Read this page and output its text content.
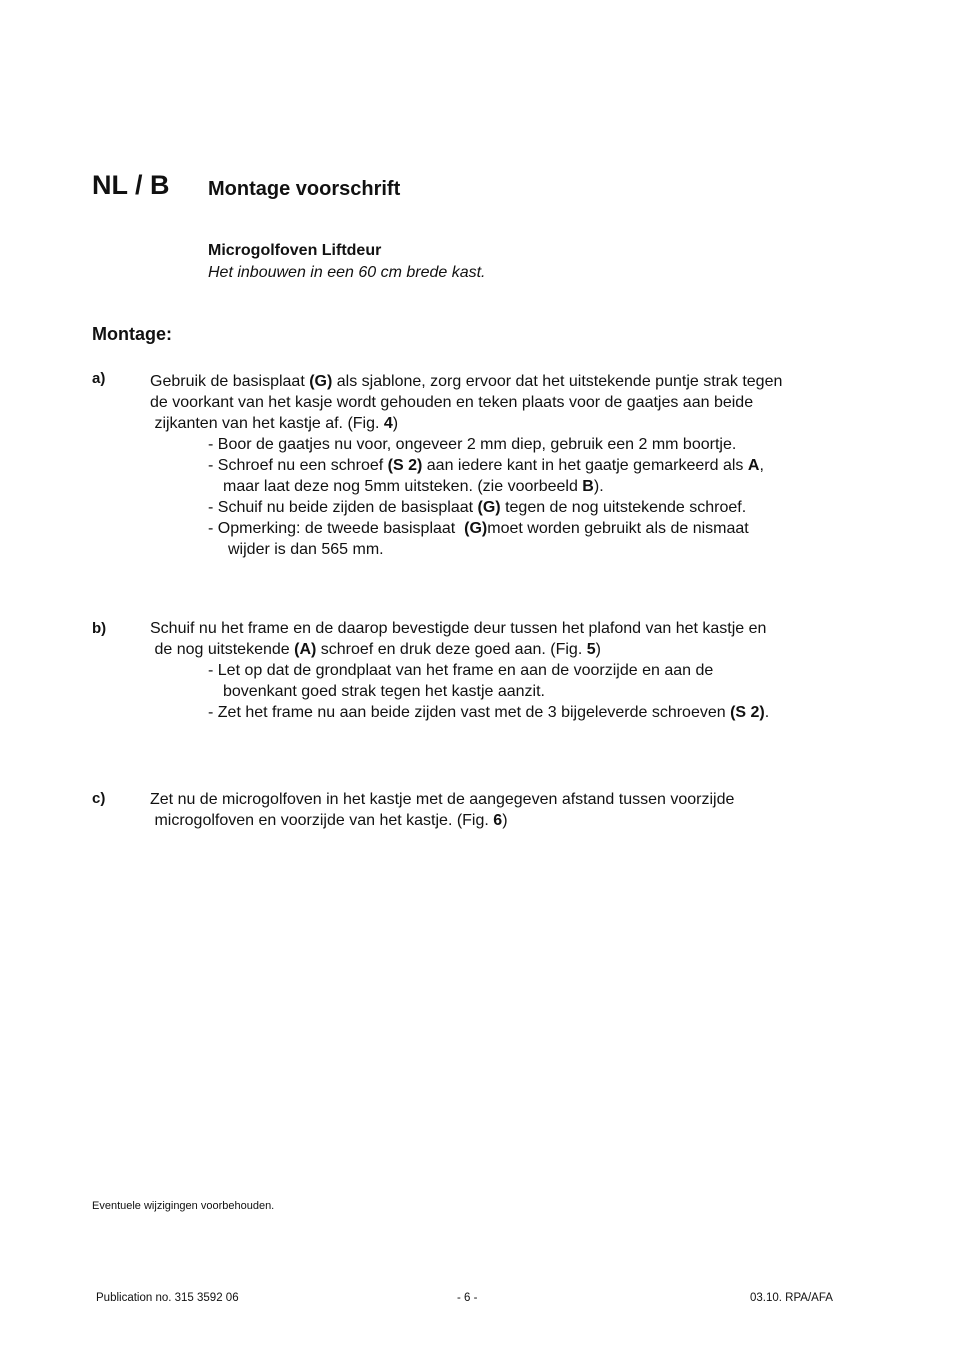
NL / B Montage voorschrift
Microgolfoven Liftdeur
Het inbouwen in een 60 cm brede kast.
Montage:
a)	Gebruik de basisplaat (G) als sjablone, zorg ervoor dat het uitstekende puntje strak tegen
de voorkant van het kasje wordt gehouden en teken plaats voor de gaatjes aan beide
zijkanten van het kastje af. (Fig. 4)
- Boor de gaatjes nu voor, ongeveer 2 mm diep, gebruik een 2 mm boortje.
- Schroef nu een schroef (S 2) aan iedere kant in het gaatje gemarkeerd als A,
maar laat deze nog 5mm uitsteken. (zie voorbeeld B).
- Schuif nu beide zijden de basisplaat (G) tegen de nog uitstekende schroef.
- Opmerking: de tweede basisplaat  (G)moet worden gebruikt als de nismaat
wijder is dan 565 mm.
b)	Schuif nu het frame en de daarop bevestigde deur tussen het plafond van het kastje en
de nog uitstekende (A) schroef en druk deze goed aan. (Fig. 5)
- Let op dat de grondplaat van het frame en aan de voorzijde en aan de
bovenkant goed strak tegen het kastje aanzit.
- Zet het frame nu aan beide zijden vast met de 3 bijgeleverde schroeven (S 2).
c)	Zet nu de microgolfoven in het kastje met de aangegeven afstand tussen voorzijde
microgolfoven en voorzijde van het kastje. (Fig. 6)
Eventuele wijzigingen voorbehouden.
Publication no. 315 3592 06	- 6 -	03.10. RPA/AFA
